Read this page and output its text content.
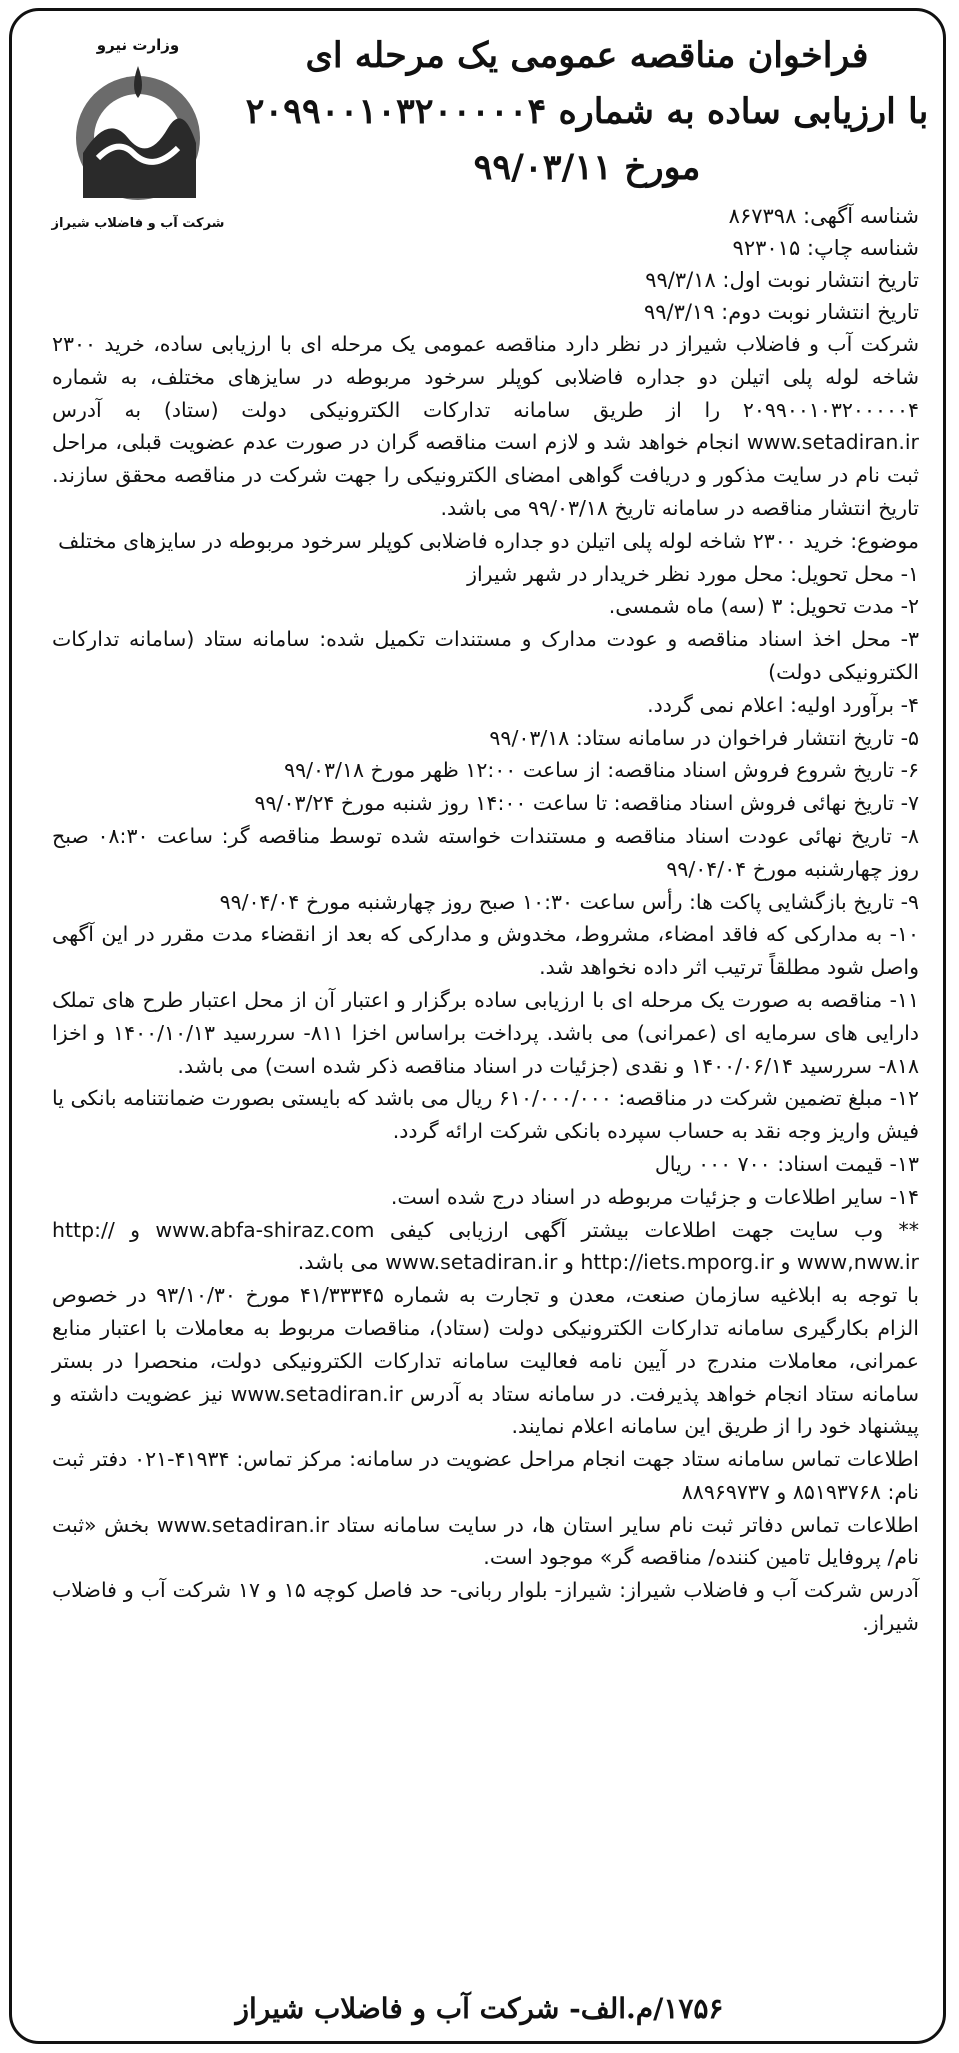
وزارت نیرو
شرکت آب و فاضلاب شیراز
فراخوان مناقصه عمومی یک مرحله ای
با ارزیابی ساده به شماره ۲۰۹۹۰۰۱۰۳۲۰۰۰۰۰۴
مورخ ۹۹/۰۳/۱۱
شناسه آگهی: ۸۶۷۳۹۸
شناسه چاپ: ۹۲۳۰۱۵
تاریخ انتشار نوبت اول: ۹۹/۳/۱۸
تاریخ انتشار نوبت دوم: ۹۹/۳/۱۹

شرکت آب و فاضلاب شیراز در نظر دارد مناقصه عمومی یک مرحله ای با ارزیابی ساده، خرید ۲۳۰۰ شاخه لوله پلی اتیلن دو جداره فاضلابی کوپلر سرخود مربوطه در سایزهای مختلف، به شماره ۲۰۹۹۰۰۱۰۳۲۰۰۰۰۰۴ را از طریق سامانه تدارکات الکترونیکی دولت (ستاد) به آدرس www.setadiran.ir انجام خواهد شد و لازم است مناقصه گران در صورت عدم عضویت قبلی، مراحل ثبت نام در سایت مذکور و دریافت گواهی امضای الکترونیکی را جهت شرکت در مناقصه محقق سازند. تاریخ انتشار مناقصه در سامانه تاریخ ۹۹/۰۳/۱۸ می باشد.

موضوع: خرید ۲۳۰۰ شاخه لوله پلی اتیلن دو جداره فاضلابی کوپلر سرخود مربوطه در سایزهای مختلف

۱- محل تحویل: محل مورد نظر خریدار در شهر شیراز

۲- مدت تحویل: ۳ (سه) ماه شمسی.

۳- محل اخذ اسناد مناقصه و عودت مدارک و مستندات تکمیل شده: سامانه ستاد (سامانه تدارکات الکترونیکی دولت)

۴- برآورد اولیه: اعلام نمی گردد.

۵- تاریخ انتشار فراخوان در سامانه ستاد: ۹۹/۰۳/۱۸

۶- تاریخ شروع فروش اسناد مناقصه: از ساعت ۱۲:۰۰ ظهر مورخ ۹۹/۰۳/۱۸

۷- تاریخ نهائی فروش اسناد مناقصه: تا ساعت ۱۴:۰۰ روز شنبه مورخ ۹۹/۰۳/۲۴

۸- تاریخ نهائی عودت اسناد مناقصه و مستندات خواسته شده توسط مناقصه گر: ساعت ۰۸:۳۰ صبح روز چهارشنبه مورخ ۹۹/۰۴/۰۴

۹- تاریخ بازگشایی پاکت ها: رأس ساعت ۱۰:۳۰ صبح روز چهارشنبه مورخ ۹۹/۰۴/۰۴

۱۰- به مدارکی که فاقد امضاء، مشروط، مخدوش و مدارکی که بعد از انقضاء مدت مقرر در این آگهی واصل شود مطلقاً ترتیب اثر داده نخواهد شد.

۱۱- مناقصه به صورت یک مرحله ای با ارزیابی ساده برگزار و اعتبار آن از محل اعتبار طرح های تملک دارایی های سرمایه ای (عمرانی) می باشد. پرداخت براساس اخزا ۸۱۱- سررسید ۱۴۰۰/۱۰/۱۳ و اخزا ۸۱۸- سررسید ۱۴۰۰/۰۶/۱۴ و نقدی (جزئیات در اسناد مناقصه ذکر شده است) می باشد.

۱۲- مبلغ تضمین شرکت در مناقصه: ۶۱۰/۰۰۰/۰۰۰ ریال می باشد که بایستی بصورت ضمانتنامه بانکی یا فیش واریز وجه نقد به حساب سپرده بانکی شرکت ارائه گردد.

۱۳- قیمت اسناد: ۷۰۰ ۰۰۰ ریال

۱۴- سایر اطلاعات و جزئیات مربوطه در اسناد درج شده است.

** وب سایت جهت اطلاعات بیشتر آگهی ارزیابی کیفی www.abfa-shiraz.com و http:// www,nww.ir و http://iets.mporg.ir و www.setadiran.ir می باشد.

با توجه به ابلاغیه سازمان صنعت، معدن و تجارت به شماره ۴۱/۳۳۳۴۵ مورخ ۹۳/۱۰/۳۰ در خصوص الزام بکارگیری سامانه تدارکات الکترونیکی دولت (ستاد)، مناقصات مربوط به معاملات با اعتبار منابع عمرانی، معاملات مندرج در آیین نامه فعالیت سامانه تدارکات الکترونیکی دولت، منحصرا در بستر سامانه ستاد انجام خواهد پذیرفت. در سامانه ستاد به آدرس www.setadiran.ir نیز عضویت داشته و پیشنهاد خود را از طریق این سامانه اعلام نمایند.

اطلاعات تماس سامانه ستاد جهت انجام مراحل عضویت در سامانه: مرکز تماس: ۴۱۹۳۴-۰۲۱ دفتر ثبت نام: ۸۵۱۹۳۷۶۸ و ۸۸۹۶۹۷۳۷

اطلاعات تماس دفاتر ثبت نام سایر استان ها، در سایت سامانه ستاد www.setadiran.ir بخش «ثبت نام/ پروفایل تامین کننده/ مناقصه گر» موجود است.

آدرس شرکت آب و فاضلاب شیراز: شیراز- بلوار ربانی- حد فاصل کوچه ۱۵ و ۱۷ شرکت آب و فاضلاب شیراز.

۱۷۵۶/م.الف- شرکت آب و فاضلاب شیراز
